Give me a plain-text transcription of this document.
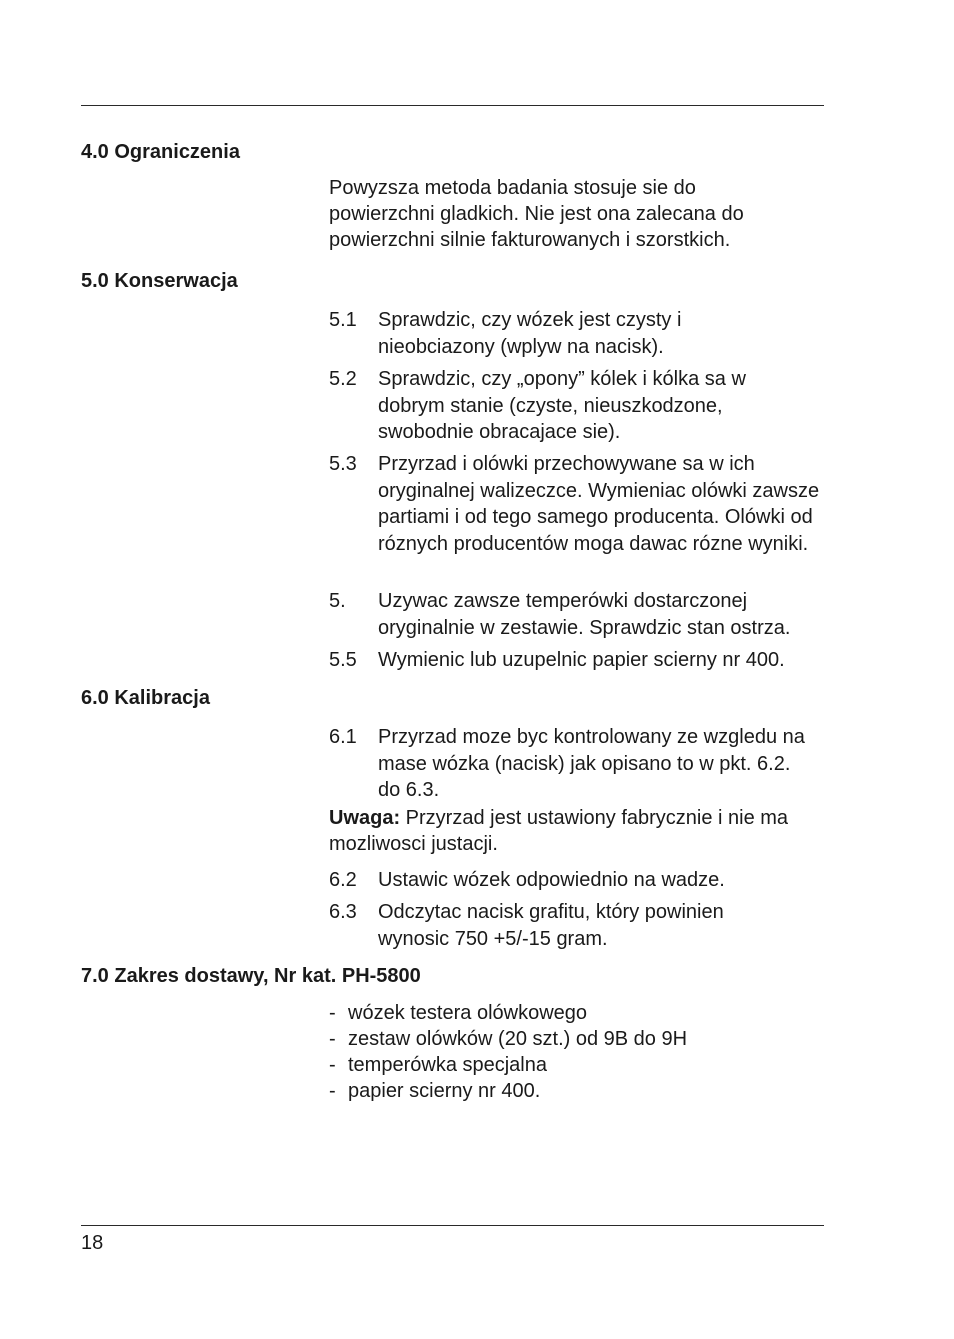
4.0 Ograniczenia
Powyzsza metoda badania stosuje sie do powierzchni gladkich. Nie jest ona zalecana do powierzchni silnie fakturowanych i szorstkich.
5.0 Konserwacja
5.1	Sprawdzic, czy wózek jest czysty i nieobciazony (wplyw na nacisk).
5.2	Sprawdzic, czy „opony” kólek i kólka sa w dobrym stanie (czyste, nieuszkodzone, swobodnie obracajace sie).
5.3	Przyrzad i olówki przechowywane sa w ich oryginalnej walizeczce. Wymieniac olówki zawsze partiami i od tego samego producenta. Olówki od róznych producentów moga dawac rózne wyniki.
5.	Uzywac zawsze temperówki dostarczonej oryginalnie w zestawie. Sprawdzic stan ostrza.
5.5	Wymienic lub uzupelnic papier scierny nr 400.
6.0 Kalibracja
6.1	Przyrzad moze byc kontrolowany ze wzgledu na mase wózka (nacisk) jak opisano to w pkt. 6.2. do 6.3.
Uwaga: Przyrzad jest ustawiony fabrycznie i nie ma mozliwosci justacji.
6.2	Ustawic wózek odpowiednio na wadze.
6.3	Odczytac nacisk grafitu, który powinien wynosic 750 +5/-15 gram.
7.0 Zakres dostawy, Nr kat. PH-5800
- wózek testera olówkowego
- zestaw olówków (20 szt.) od 9B do 9H
- temperówka specjalna
- papier scierny nr 400.
18
